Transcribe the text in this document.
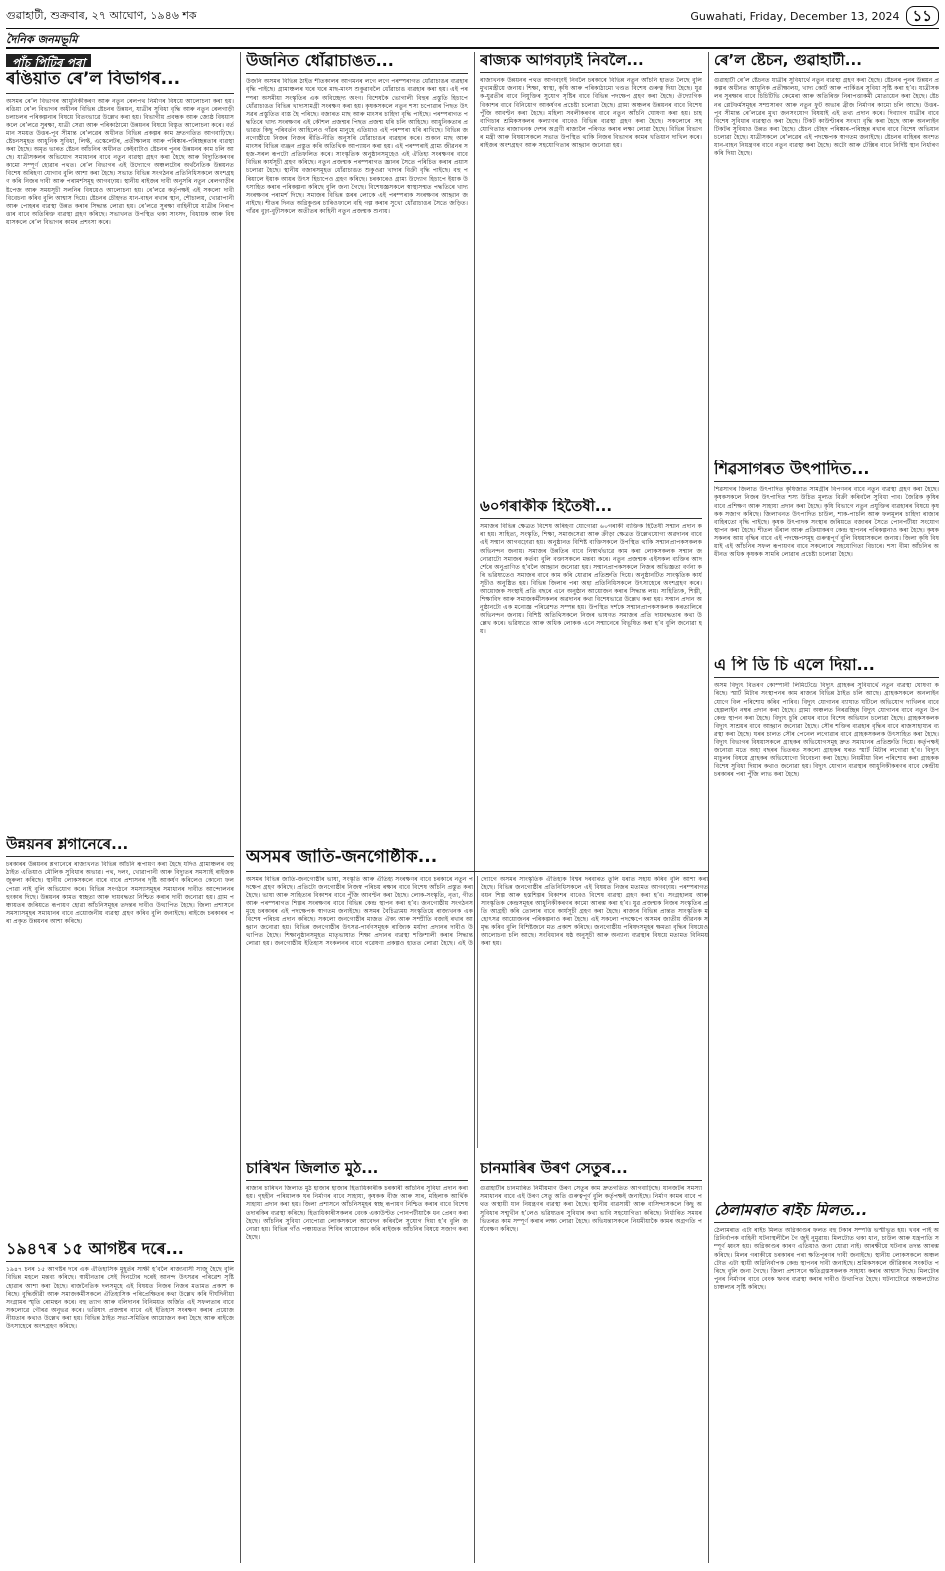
গুৱাহাটী, শুক্রবাৰ, ২৭ আঘোণ, ১৯৪৬ শক	Guwahati, Friday, December 13, 2024 ১১
দৈনিক জনমভূমি
পাঁচ পিটিৰ পৰা
ৰঙিয়াত ৰে’ল বিভাগৰ...

অসমৰ ৰে’ল বিভাগৰ আধুনিকীকৰণ আৰু নতুন ৰেলপথ নিৰ্মাণৰ বিষয়ে আলোচনা কৰা হয়। ৰঙিয়া ৰে’ল বিভাগৰ অধীনৰ বিভিন্ন ষ্টেচনৰ উন্নয়ন, যাত্ৰীৰ সুবিধা বৃদ্ধি আৰু নতুন ৰেলগাড়ী চলাচলৰ পৰিকল্পনাৰ বিষয়ে বিতংভাৱে উল্লেখ কৰা হয়। বিভাগীয় প্ৰবন্ধক আৰু জ্যেষ্ঠ বিষয়াসকলে ৰে’লৱে সুৰক্ষা, যাত্ৰী সেৱা আৰু পৰিকাঠামো উন্নয়নৰ বিষয়ে বিস্তৃত আলোচনা কৰে। বৰ্তমান সময়ত উত্তৰ-পূব সীমান্ত ৰে’লৱেৰ অধীনত বিভিন্ন প্ৰকল্পৰ কাম দ্ৰুতগতিত আগবাঢ়িছে। ষ্টেচনসমূহত আধুনিক সুবিধা, লিফ্ট, এস্কেলেটৰ, প্ৰতীক্ষালয় আৰু পৰিষ্কাৰ-পৰিচ্ছন্নতাৰ ব্যৱস্থা কৰা হৈছে। অমৃত ভাৰত ষ্টেচন আঁচনিৰ অধীনত কেইবাটাও ষ্টেচনৰ পুনৰ উন্নয়নৰ কাম চলি আছে। যাত্ৰীসকলৰ অভিযোগ সমাধানৰ বাবে নতুন ব্যৱস্থা গ্ৰহণ কৰা হৈছে আৰু বিদ্যুতিকৰণৰ কামো সম্পূৰ্ণ হোৱাৰ পথত। ৰে’ল বিভাগৰ এই উদ্যোগে অঞ্চলটোৰ অৰ্থনৈতিক উন্নয়নত বিশেষ অৰিহণা যোগাব বুলি আশা কৰা হৈছে। সভাত বিভিন্ন সংগঠনৰ প্ৰতিনিধিসকলে অংশগ্ৰহণ কৰি নিজৰ দাবী আৰু পৰামৰ্শসমূহ আগবঢ়ায়। স্থানীয় ৰাইজৰ দাবী অনুসৰি নতুন ৰেলগাড়ীৰ ষ্টপেজ আৰু সময়সূচী সলনিৰ বিষয়েও আলোচনা হয়। ৰে’লৱে কৰ্তৃপক্ষই এই সকলো দাবী বিবেচনা কৰিব বুলি আশ্বাস দিয়ে। ষ্টেচনৰ চৌহদত যান-বাহন ৰখাৰ স্থান, শৌচালয়, খোৱাপানী আৰু পোহৰৰ ব্যৱস্থা উন্নত কৰাৰ সিদ্ধান্ত লোৱা হয়। ৰে’লৱে সুৰক্ষা বাহিনীয়ে যাত্ৰীৰ নিৰাপত্তাৰ বাবে অতিৰিক্ত ব্যৱস্থা গ্ৰহণ কৰিছে। সভাখনত উপস্থিত থকা সাংসদ, বিধায়ক আৰু বিষয়াসকলে ৰে’ল বিভাগৰ কামৰ প্ৰশংসা কৰে।

উন্নয়নৰ শ্লগানেৰে...

চৰকাৰৰ উন্নয়নৰ শ্লগানেৰে ৰাজ্যখনত বিভিন্ন আঁচনি ৰূপায়ণ কৰা হৈছে যদিও গ্ৰামাঞ্চলৰ বহু ঠাইত এতিয়াও মৌলিক সুবিধাৰ অভাৱ। পথ, দলং, খোৱাপানী আৰু বিদ্যুতৰ সমস্যাই ৰাইজক জুৰুলা কৰিছে। স্থানীয় লোকসকলে বাৰে বাৰে প্ৰশাসনৰ দৃষ্টি আকৰ্ষণ কৰিলেও কোনো ফল পোৱা নাই বুলি অভিযোগ কৰে। বিভিন্ন সংগঠনে সমস্যাসমূহৰ সমাধানৰ দাবীত আন্দোলনৰ হুংকাৰ দিছে। উন্নয়নৰ কামত স্বচ্ছতা আৰু দায়বদ্ধতা নিশ্চিত কৰাৰ দাবী জনোৱা হয়। গ্ৰাম পঞ্চায়তৰ জৰিয়তে ৰূপায়ণ হোৱা আঁচনিসমূহৰ তদন্তৰ দাবীও উত্থাপিত হৈছে। জিলা প্ৰশাসনে সমস্যাসমূহৰ সমাধানৰ বাবে প্ৰয়োজনীয় ব্যৱস্থা গ্ৰহণ কৰিব বুলি জনাইছে। ৰাইজে চৰকাৰৰ পৰা প্ৰকৃত উন্নয়নৰ আশা কৰিছে।

১৯৪৭ৰ ১৫ আগষ্টৰ দৰে...

১৯৪৭ চনৰ ১৫ আগষ্টৰ দৰে এক ঐতিহাসিক মুহূৰ্তৰ সাক্ষী হ’বলৈ ৰাজ্যবাসী সাজু হৈছে বুলি বিভিন্ন মহলে মন্তব্য কৰিছে। স্বাধীনতাৰ সেই দিনটোৰ দৰেই আনন্দ উৎসৱৰ পৰিৱেশ সৃষ্টি হোৱাৰ আশা কৰা হৈছে। ৰাজনৈতিক দলসমূহে এই বিষয়ত নিজৰ নিজৰ মতামত প্ৰকাশ কৰিছে। বুদ্ধিজীৱী আৰু সমাজকৰ্মীসকলে ঐতিহাসিক পৰিপ্ৰেক্ষিতৰ কথা উল্লেখ কৰি দীৰ্ঘদিনীয়া সংগ্ৰামৰ স্মৃতি ৰোমন্থন কৰে। বহু ত্যাগ আৰু বলিদানৰ বিনিময়ত অৰ্জিত এই সফলতাৰ বাবে সকলোৱে গৌৰৱ অনুভৱ কৰে। ভৱিষ্যৎ প্ৰজন্মৰ বাবে এই ইতিহাস সংৰক্ষণ কৰাৰ প্ৰয়োজনীয়তাৰ কথাও উল্লেখ কৰা হয়। বিভিন্ন ঠাইত সভা-সমিতিৰ আয়োজন কৰা হৈছে আৰু ৰাইজে উৎসাহেৰে অংশগ্ৰহণ কৰিছে।

উজনিত ধোঁৱাচাঙত...

উজনি অসমৰ বিভিন্ন ঠাইত শীতকালৰ আগমনৰ লগে লগে পৰম্পৰাগত ধোঁৱাচাঙৰ ব্যৱহাৰ বৃদ্ধি পাইছে। গ্ৰামাঞ্চলৰ ঘৰে ঘৰে মাছ-মাংস শুকুৱাবলৈ ধোঁৱাচাঙ ব্যৱহাৰ কৰা হয়। এই পৰম্পৰা অসমীয়া সংস্কৃতিৰ এক অবিচ্ছেদ্য অংগ। বিশেষকৈ ভোগালী বিহুৰ প্ৰস্তুতি হিচাপে ধোঁৱাচাঙত বিভিন্ন খাদ্যসামগ্ৰী সংৰক্ষণ কৰা হয়। কৃষকসকলে নতুন শস্য চপোৱাৰ পিছত উৎসৱৰ প্ৰস্তুতিত ব্যস্ত হৈ পৰিছে। বজাৰত মাছ আৰু মাংসৰ চাহিদা বৃদ্ধি পাইছে। পৰম্পৰাগত পদ্ধতিৰে খাদ্য সংৰক্ষণৰ এই কৌশল প্ৰজন্মৰ পিছত প্ৰজন্ম ধৰি চলি আহিছে। আধুনিকতাৰ প্ৰভাৱত কিছু পৰিবৰ্তন আহিলেও গাঁৱৰ মানুহে এতিয়াও এই পৰম্পৰা ধৰি ৰাখিছে। বিভিন্ন জনগোষ্ঠীয়ে নিজৰ নিজৰ ৰীতি-নীতি অনুসৰি ধোঁৱাচাঙৰ ব্যৱহাৰ কৰে। শুকান মাছ আৰু মাংসৰ বিভিন্ন ব্যঞ্জন প্ৰস্তুত কৰি অতিথিক আপ্যায়ন কৰা হয়। এই পৰম্পৰাই গ্ৰাম্য জীৱনৰ সহজ-সৰল ৰূপটো প্ৰতিফলিত কৰে। সাংস্কৃতিক অনুষ্ঠানসমূহেও এই ঐতিহ্য সংৰক্ষণৰ বাবে বিভিন্ন কাৰ্যসূচী গ্ৰহণ কৰিছে। নতুন প্ৰজন্মক পৰম্পৰাগত জ্ঞানৰ সৈতে পৰিচিত কৰাৰ প্ৰয়াস চলোৱা হৈছে। স্থানীয় বজাৰসমূহত ধোঁৱাচাঙত শুকুওৱা খাদ্যৰ বিক্ৰী বৃদ্ধি পাইছে। বহু পৰিয়ালে ইয়াক আয়ৰ উৎস হিচাপেও গ্ৰহণ কৰিছে। চৰকাৰেও গ্ৰাম্য উদ্যোগ হিচাপে ইয়াক উৎসাহিত কৰাৰ পৰিকল্পনা কৰিছে বুলি জনা গৈছে। বিশেষজ্ঞসকলে স্বাস্থ্যসন্মত পদ্ধতিৰে খাদ্য সংৰক্ষণৰ পৰামৰ্শ দিছে। সমাজৰ বিভিন্ন স্তৰৰ লোকে এই পৰম্পৰাক সংৰক্ষণৰ আহ্বান জনাইছে। শীতৰ দিনত অগ্নিকুণ্ডৰ চাৰিওফালে বহি গল্প কৰাৰ সুখো ধোঁৱাচাঙৰ সৈতে জড়িত। গাঁৱৰ বুঢ়া-বুঢ়ীসকলে অতীতৰ কাহিনী নতুন প্ৰজন্মক শুনায়।

অসমৰ জাতি-জনগোষ্ঠীক...

অসমৰ বিভিন্ন জাতি-জনগোষ্ঠীৰ ভাষা, সংস্কৃতি আৰু ঐতিহ্য সংৰক্ষণৰ বাবে চৰকাৰে নতুন পদক্ষেপ গ্ৰহণ কৰিছে। প্ৰতিটো জনগোষ্ঠীৰ নিজস্ব পৰিচয় ৰক্ষাৰ বাবে বিশেষ আঁচনি প্ৰস্তুত কৰা হৈছে। ভাষা আৰু সাহিত্যৰ বিকাশৰ বাবে পুঁজি আবণ্টন কৰা হৈছে। লোক-সংস্কৃতি, নৃত্য, গীত আৰু পৰম্পৰাগত শিল্পৰ সংৰক্ষণৰ বাবে বিভিন্ন কেন্দ্ৰ স্থাপন কৰা হ’ব। জনগোষ্ঠীয় সংগঠনসমূহে চৰকাৰৰ এই পদক্ষেপক স্বাগতম জনাইছে। অসমৰ বৈচিত্ৰ্যময় সংস্কৃতিয়ে ৰাজ্যখনক এক বিশেষ পৰিচয় প্ৰদান কৰিছে। সকলো জনগোষ্ঠীৰ মাজত ঐক্য আৰু সম্প্ৰীতি বজাই ৰখাৰ আহ্বান জনোৱা হয়। বিভিন্ন জনগোষ্ঠীৰ উৎসৱ-পাৰ্বণসমূহক ৰাজ্যিক মৰ্যাদা প্ৰদানৰ দাবীও উত্থাপিত হৈছে। শিক্ষানুষ্ঠানসমূহত মাতৃভাষাত শিক্ষা প্ৰদানৰ ব্যৱস্থা শক্তিশালী কৰাৰ সিদ্ধান্ত লোৱা হয়। জনগোষ্ঠীয় ইতিহাস সংকলনৰ বাবে গৱেষণা প্ৰকল্পও হাতত লোৱা হৈছে। এই উদ্যোগে অসমৰ সাংস্কৃতিক ঐতিহ্যক বিশ্বৰ দৰবাৰত তুলি ধৰাত সহায় কৰিব বুলি আশা কৰা হৈছে। বিভিন্ন জনগোষ্ঠীৰ প্ৰতিনিধিসকলে এই বিষয়ত নিজৰ মতামত আগবঢ়ায়। পৰম্পৰাগত বয়ন শিল্প আৰু হস্তশিল্পৰ বিকাশৰ বাবেও বিশেষ ব্যৱস্থা গ্ৰহণ কৰা হ’ব। সংগ্ৰহালয় আৰু সাংস্কৃতিক কেন্দ্ৰসমূহৰ আধুনিকীকৰণৰ কামো আৰম্ভ কৰা হ’ব। যুৱ প্ৰজন্মক নিজৰ সংস্কৃতিৰ প্ৰতি আগ্ৰহী কৰি তোলাৰ বাবে কাৰ্যসূচী গ্ৰহণ কৰা হৈছে। ৰাজ্যৰ বিভিন্ন প্ৰান্তত সাংস্কৃতিক মহোৎসৱ আয়োজনৰ পৰিকল্পনাও কৰা হৈছে। এই সকলো পদক্ষেপে অসমৰ জাতীয় জীৱনক সমৃদ্ধ কৰিব বুলি বিশিষ্টজনে মত প্ৰকাশ কৰিছে। জনগোষ্ঠীয় পৰিষদসমূহৰ ক্ষমতা বৃদ্ধিৰ বিষয়েও আলোচনা চলি আছে। সংবিধানৰ ষষ্ঠ অনুসূচী আৰু অন্যান্য ব্যৱস্থাৰ বিষয়ে মতামত বিনিময় কৰা হয়।

চাৰিখন জিলাত মুঠ...

ৰাজ্যৰ চাৰিখন জিলাত মুঠ হাজাৰ হাজাৰ হিতাধিকাৰীক চৰকাৰী আঁচনিৰ সুবিধা প্ৰদান কৰা হয়। গৃহহীন পৰিয়ালক ঘৰ নিৰ্মাণৰ বাবে সাহায্য, কৃষকক বীজ আৰু সাৰ, মহিলাক আৰ্থিক সাহায্য প্ৰদান কৰা হয়। জিলা প্ৰশাসনে আঁচনিসমূহৰ স্বচ্ছ ৰূপায়ণ নিশ্চিত কৰাৰ বাবে বিশেষ তদাৰকিৰ ব্যৱস্থা কৰিছে। হিতাধিকাৰীসকলৰ বেংক একাউণ্টত পোনপটীয়াকৈ ধন প্ৰেৰণ কৰা হৈছে। আঁচনিৰ সুবিধা নোপোৱা লোকসকলে আবেদন কৰিবলৈ সুযোগ দিয়া হ’ব বুলি জনোৱা হয়। বিভিন্ন গাঁও পঞ্চায়তত শিবিৰ আয়োজন কৰি ৰাইজক আঁচনিৰ বিষয়ে সজাগ কৰা হৈছে।

ৰাজ্যক আগবঢ়াই নিবলৈ...

ৰাজ্যখনক উন্নয়নৰ পথত আগবঢ়াই নিবলৈ চৰকাৰে বিভিন্ন নতুন আঁচনি হাতত লৈছে বুলি মুখ্যমন্ত্ৰীয়ে জনায়। শিক্ষা, স্বাস্থ্য, কৃষি আৰু পৰিকাঠামো খণ্ডত বিশেষ গুৰুত্ব দিয়া হৈছে। যুৱক-যুৱতীৰ বাবে নিযুক্তিৰ সুযোগ সৃষ্টিৰ বাবে বিভিন্ন পদক্ষেপ গ্ৰহণ কৰা হৈছে। ঔদ্যোগিক বিকাশৰ বাবে বিনিয়োগ আকৰ্ষণৰ প্ৰচেষ্টা চলোৱা হৈছে। গ্ৰাম্য অঞ্চলৰ উন্নয়নৰ বাবে বিশেষ পুঁজি আবণ্টন কৰা হৈছে। মহিলা সবলীকৰণৰ বাবে নতুন আঁচনি ঘোষণা কৰা হয়। চাহ বাগিচাৰ শ্ৰমিকসকলৰ কল্যাণৰ বাবেও বিভিন্ন ব্যৱস্থা গ্ৰহণ কৰা হৈছে। সকলোৰে সহযোগিতাত ৰাজ্যখনক দেশৰ অগ্ৰণী ৰাজ্যলৈ পৰিণত কৰাৰ লক্ষ্য লোৱা হৈছে। বিভিন্ন বিভাগৰ মন্ত্ৰী আৰু বিষয়াসকলে সভাত উপস্থিত থাকি নিজৰ বিভাগৰ কামৰ খতিয়ান দাখিল কৰে। ৰাইজৰ অংশগ্ৰহণ আৰু সহযোগিতাৰ আহ্বান জনোৱা হয়।

৬০গৰাকীক হিতৈষী...

সমাজৰ বিভিন্ন ক্ষেত্ৰত বিশেষ অৰিহণা যোগোৱা ৬০গৰাকী ব্যক্তিক হিতৈষী সন্মান প্ৰদান কৰা হয়। সাহিত্য, সংস্কৃতি, শিক্ষা, সমাজসেৱা আৰু ক্ৰীড়া ক্ষেত্ৰত উল্লেখযোগ্য অৱদানৰ বাবে এই সন্মান আগবঢ়োৱা হয়। অনুষ্ঠানত বিশিষ্ট ব্যক্তিসকলে উপস্থিত থাকি সন্মানপ্ৰাপকসকলক অভিনন্দন জনায়। সমাজৰ উন্নতিৰ বাবে নিস্বাৰ্থভাৱে কাম কৰা লোকসকলক সন্মান জনোৱাটো সমাজৰ কৰ্তব্য বুলি বক্তাসকলে মন্তব্য কৰে। নতুন প্ৰজন্মক এইসকল ব্যক্তিৰ আদৰ্শেৰে অনুপ্ৰাণিত হ’বলৈ আহ্বান জনোৱা হয়। সন্মানপ্ৰাপকসকলে নিজৰ অভিজ্ঞতা বৰ্ণনা কৰি ভৱিষ্যতেও সমাজৰ বাবে কাম কৰি যোৱাৰ প্ৰতিশ্ৰুতি দিয়ে। অনুষ্ঠানটিত সাংস্কৃতিক কাৰ্যসূচীও অনুষ্ঠিত হয়। বিভিন্ন জিলাৰ পৰা অহা প্ৰতিনিধিসকলে উৎসাহেৰে অংশগ্ৰহণ কৰে। আয়োজক সংস্থাই প্ৰতি বছৰে এনে অনুষ্ঠান আয়োজন কৰাৰ সিদ্ধান্ত লয়। সাহিত্যিক, শিল্পী, শিক্ষাবিদ আৰু সমাজকৰ্মীসকলৰ অৱদানৰ কথা বিশেষভাৱে উল্লেখ কৰা হয়। সন্মান প্ৰদান অনুষ্ঠানটো এক মনোজ্ঞ পৰিৱেশত সম্পন্ন হয়। উপস্থিত দৰ্শকে সন্মানপ্ৰাপকসকলক কৰতালিৰে অভিনন্দন জনায়। বিশিষ্ট অতিথিসকলে নিজৰ ভাষণত সমাজৰ প্ৰতি দায়বদ্ধতাৰ কথা উল্লেখ কৰে। ভৱিষ্যতে আৰু অধিক লোকক এনে সন্মানেৰে বিভূষিত কৰা হ’ব বুলি জনোৱা হয়।

চানমাৰিৰ উৰণ সেতুৰ...

গুৱাহাটীৰ চানমাৰিত নিৰ্মীয়মাণ উৰণ সেতুৰ কাম দ্ৰুতগতিত আগবাঢ়িছে। যানজটৰ সমস্যা সমাধানৰ বাবে এই উৰণ সেতু অতি গুৰুত্বপূৰ্ণ বুলি কৰ্তৃপক্ষই জনাইছে। নিৰ্মাণ কামৰ বাবে পথত অস্থায়ী যান নিয়ন্ত্ৰণৰ ব্যৱস্থা কৰা হৈছে। স্থানীয় ব্যৱসায়ী আৰু বাসিন্দাসকলে কিছু অসুবিধাৰ সন্মুখীন হ’লেও ভৱিষ্যতৰ সুবিধাৰ কথা ভাবি সহযোগিতা কৰিছে। নিৰ্ধাৰিত সময়ৰ ভিতৰত কাম সম্পূৰ্ণ কৰাৰ লক্ষ্য লোৱা হৈছে। অভিযন্তাসকলে নিয়মীয়াকৈ কামৰ অগ্ৰগতি পৰ্যবেক্ষণ কৰিছে।

ৰে’ল ষ্টেচন, গুৱাহাটী...

গুৱাহাটী ৰে’ল ষ্টেচনত যাত্ৰীৰ সুবিধাৰ্থে নতুন ব্যৱস্থা গ্ৰহণ কৰা হৈছে। ষ্টেচনৰ পুনৰ উন্নয়ন প্ৰকল্পৰ অধীনত আধুনিক প্ৰতীক্ষালয়, খাদ্য কোৰ্ট আৰু পাৰ্কিঙৰ সুবিধা সৃষ্টি কৰা হ’ব। যাত্ৰীসকলৰ সুৰক্ষাৰ বাবে চিচিটিভি কেমেৰা আৰু অতিৰিক্ত নিৰাপত্তাকৰ্মী মোতায়েন কৰা হৈছে। ষ্টেচনৰ প্লেটফৰ্মসমূহৰ সম্প্ৰসাৰণ আৰু নতুন ফুট অভাৰ ব্ৰীজ নিৰ্মাণৰ কামো চলি আছে। উত্তৰ-পূব সীমান্ত ৰে’লৱেৰ মুখ্য জনসংযোগ বিষয়াই এই তথ্য প্ৰদান কৰে। দিব্যাংগ যাত্ৰীৰ বাবে বিশেষ সুবিধাৰ ব্যৱস্থাও কৰা হৈছে। টিকট কাউণ্টাৰৰ সংখ্যা বৃদ্ধি কৰা হৈছে আৰু অনলাইন টিকটৰ সুবিধাও উন্নত কৰা হৈছে। ষ্টেচন চৌহদ পৰিষ্কাৰ-পৰিচ্ছন্ন ৰখাৰ বাবে বিশেষ অভিযান চলোৱা হৈছে। যাত্ৰীসকলে ৰে’লৱেৰ এই পদক্ষেপক স্বাগতম জনাইছে। ষ্টেচনৰ বাহিৰৰ অংশত যান-বাহন নিয়ন্ত্ৰণৰ বাবে নতুন ব্যৱস্থা কৰা হৈছে। অটো আৰু টেক্সিৰ বাবে নিৰ্দিষ্ট স্থান নিৰ্ধাৰণ কৰি দিয়া হৈছে।

শিৱসাগৰত উৎপাদিত...

শিৱসাগৰ জিলাত উৎপাদিত কৃষিজাত সামগ্ৰীৰ বিপণনৰ বাবে নতুন ব্যৱস্থা গ্ৰহণ কৰা হৈছে। কৃষকসকলে নিজৰ উৎপাদিত শস্য উচিত মূল্যত বিক্ৰী কৰিবলৈ সুবিধা পাব। জৈৱিক কৃষিৰ বাবে প্ৰশিক্ষণ আৰু সাহায্য প্ৰদান কৰা হৈছে। কৃষি বিভাগে নতুন প্ৰযুক্তিৰ ব্যৱহাৰৰ বিষয়ে কৃষকক সজাগ কৰিছে। জিলাখনত উৎপাদিত চাউল, শাক-পাচলি আৰু ফলমূলৰ চাহিদা ৰাজ্যৰ বাহিৰতো বৃদ্ধি পাইছে। কৃষক উৎপাদক সংস্থাৰ জৰিয়তে বজাৰৰ সৈতে পোনপটীয়া সংযোগ স্থাপন কৰা হৈছে। শীতল ভঁৰাল আৰু প্ৰক্ৰিয়াকৰণ কেন্দ্ৰ স্থাপনৰ পৰিকল্পনাও কৰা হৈছে। কৃষকসকলৰ আয় বৃদ্ধিৰ বাবে এই পদক্ষেপসমূহ গুৰুত্বপূৰ্ণ বুলি বিষয়াসকলে জনায়। জিলা কৃষি বিষয়াই এই আঁচনিৰ সফল ৰূপায়ণৰ বাবে সকলোৰে সহযোগিতা বিচাৰে। শস্য বীমা আঁচনিৰ অধীনত অধিক কৃষকক সামৰি লোৱাৰ প্ৰচেষ্টা চলোৱা হৈছে।

এ পি ডি চি এলে দিয়া...

অসম বিদ্যুৎ বিতৰণ কোম্পানী লিমিটেডে বিদ্যুৎ গ্ৰাহকৰ সুবিধাৰ্থে নতুন ব্যৱস্থা ঘোষণা কৰিছে। স্মাৰ্ট মিটাৰ সংস্থাপনৰ কাম ৰাজ্যৰ বিভিন্ন ঠাইত চলি আছে। গ্ৰাহকসকলে অনলাইনযোগে বিল পৰিশোধ কৰিব পাৰিব। বিদ্যুৎ যোগানৰ ব্যাঘাত ঘটিলে অভিযোগ দাখিলৰ বাবে হেল্পলাইন নম্বৰ প্ৰদান কৰা হৈছে। গ্ৰাম্য অঞ্চলত নিৰৱচ্ছিন্ন বিদ্যুৎ যোগানৰ বাবে নতুন উপকেন্দ্ৰ স্থাপন কৰা হৈছে। বিদ্যুৎ চুৰি ৰোধৰ বাবে বিশেষ অভিযান চলোৱা হৈছে। গ্ৰাহকসকলক বিদ্যুৎ সাশ্ৰয়ৰ বাবে আহ্বান জনোৱা হৈছে। সৌৰ শক্তিৰ ব্যৱহাৰ বৃদ্ধিৰ বাবে ৰাজসাহায্যৰ ব্যৱস্থা কৰা হৈছে। ঘৰৰ চালত সৌৰ পেনেল লগোৱাৰ বাবে গ্ৰাহকসকলক উৎসাহিত কৰা হৈছে। বিদ্যুৎ বিভাগৰ বিষয়াসকলে গ্ৰাহকৰ অভিযোগসমূহ দ্ৰুত সমাধানৰ প্ৰতিশ্ৰুতি দিয়ে। কৰ্তৃপক্ষই জনোৱা মতে অহা বছৰৰ ভিতৰত সকলো গ্ৰাহকৰ ঘৰত স্মাৰ্ট মিটাৰ লগোৱা হ’ব। বিদ্যুৎ মাচুলৰ বিষয়ে গ্ৰাহকৰ অভিযোগো বিবেচনা কৰা হৈছে। নিয়মীয়া বিল পৰিশোধ কৰা গ্ৰাহকক বিশেষ সুবিধা দিয়াৰ কথাও জনোৱা হয়। বিদ্যুৎ যোগান ব্যৱস্থাৰ আধুনিকীকৰণৰ বাবে কেন্দ্ৰীয় চৰকাৰৰ পৰা পুঁজি লাভ কৰা হৈছে।

ঠেলামৰাত ৰাইচ মিলত...

ঠেলামৰাত এটা ৰাইচ মিলত অগ্নিকাণ্ডৰ ফলত বহু টকাৰ সম্পত্তি ভস্মীভূত হয়। খবৰ পাই অগ্নিনিৰ্বাপক বাহিনী ঘটনাস্থলীলৈ গৈ জুই নুমুৱায়। মিলটোত থকা ধান, চাউল আৰু যন্ত্ৰপাতি সম্পূৰ্ণ ধ্বংস হয়। অগ্নিকাণ্ডৰ কাৰণ এতিয়াও জনা যোৱা নাই। আৰক্ষীয়ে ঘটনাৰ তদন্ত আৰম্ভ কৰিছে। মিলৰ গৰাকীয়ে চৰকাৰৰ পৰা ক্ষতিপূৰণৰ দাবী জনাইছে। স্থানীয় লোকসকলে অঞ্চলটোত এটা স্থায়ী অগ্নিনিৰ্বাপক কেন্দ্ৰ স্থাপনৰ দাবী জনাইছে। শ্ৰমিকসকলে জীৱিকাৰ সংকটত পৰিছে বুলি জনা গৈছে। জিলা প্ৰশাসনে ক্ষতিগ্ৰস্তসকলক সাহায্য কৰাৰ আশ্বাস দিছে। মিলটোৰ পুনৰ নিৰ্মাণৰ বাবে বেংক ঋণৰ ব্যৱস্থা কৰাৰ দাবীও উত্থাপিত হৈছে। ঘটনাটোৱে অঞ্চলটোত চাঞ্চল্যৰ সৃষ্টি কৰিছে।
